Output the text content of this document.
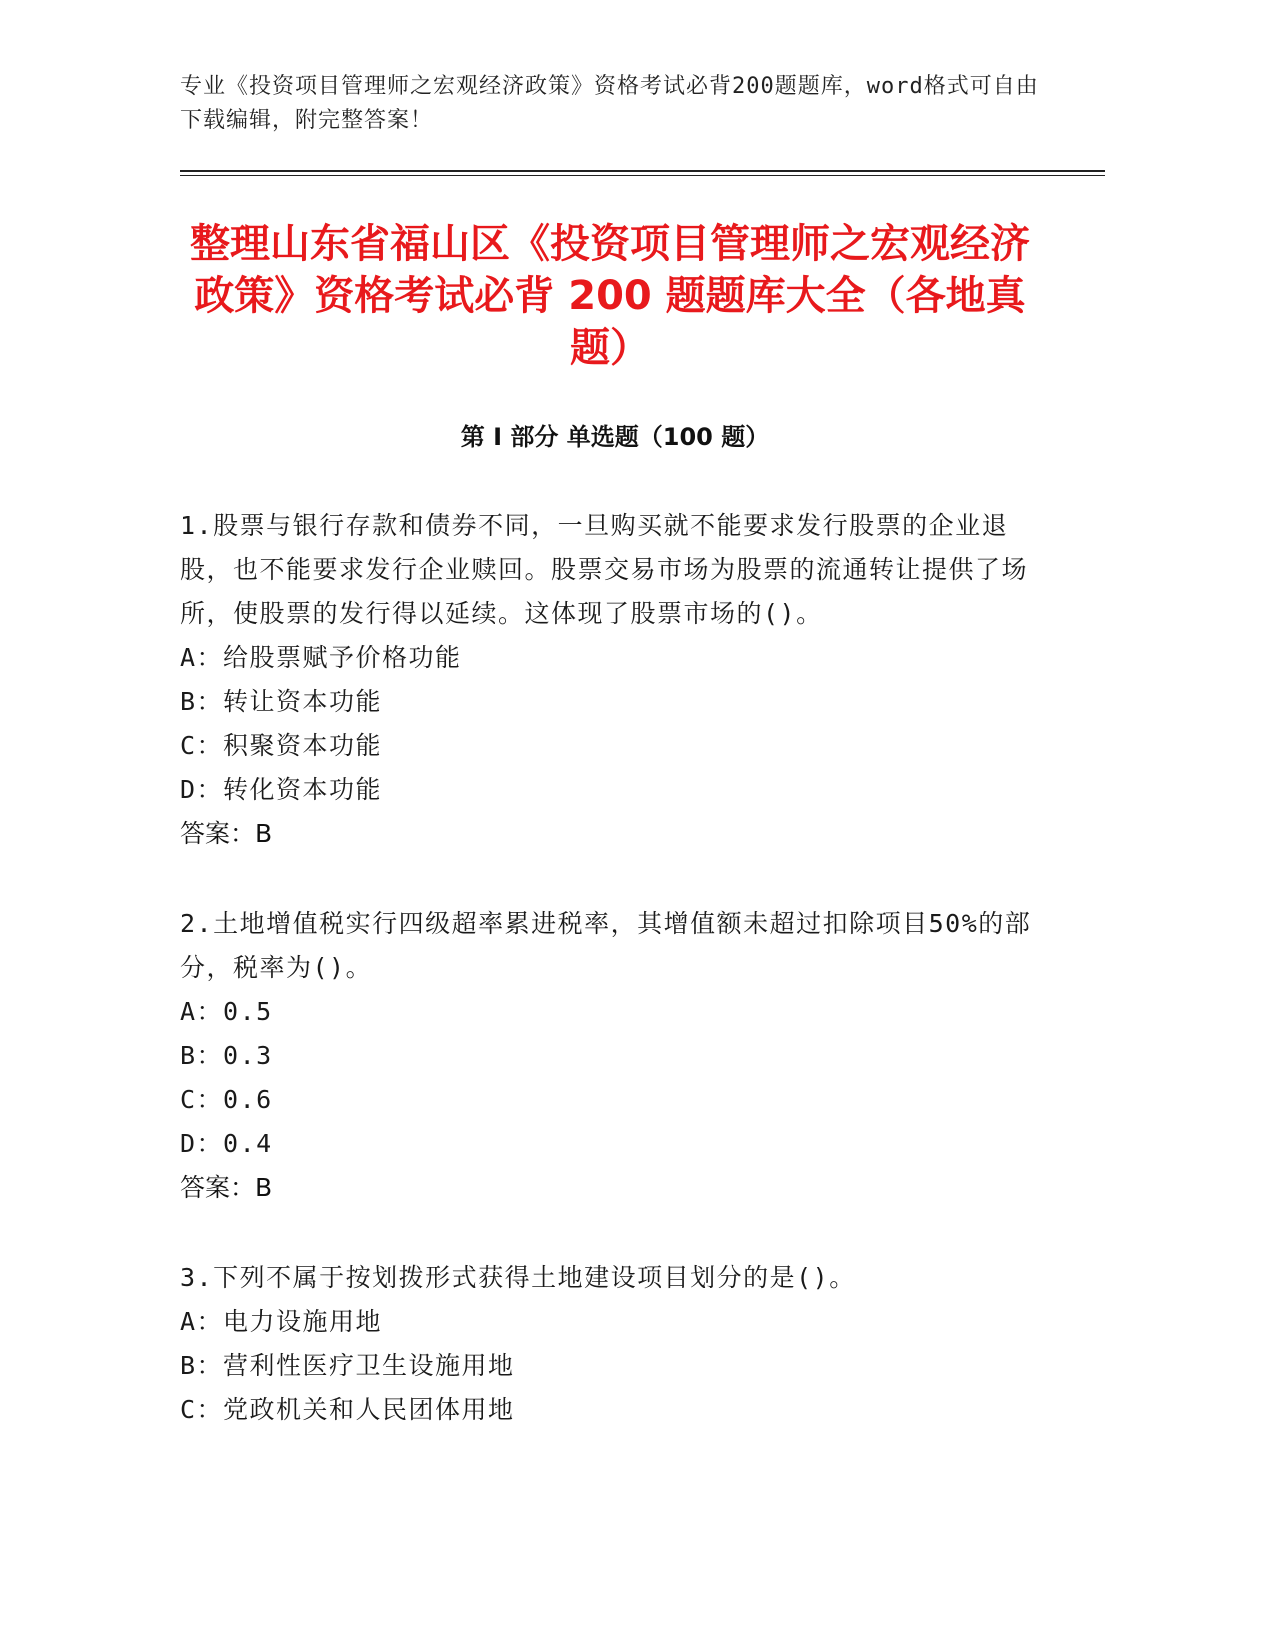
专业《投资项目管理师之宏观经济政策》资格考试必背200题题库，word格式可自由下载编辑，附完整答案！
整理山东省福山区《投资项目管理师之宏观经济政策》资格考试必背 200 题题库大全（各地真题）
第 I 部分 单选题（100 题）

1.股票与银行存款和债券不同，一旦购买就不能要求发行股票的企业退股，也不能要求发行企业赎回。股票交易市场为股票的流通转让提供了场所，使股票的发行得以延续。这体现了股票市场的()。

A：给股票赋予价格功能

B：转让资本功能

C：积聚资本功能

D：转化资本功能

答案：B

2.土地增值税实行四级超率累进税率，其增值额未超过扣除项目50%的部分，税率为()。

A：0.5

B：0.3

C：0.6

D：0.4

答案：B

3.下列不属于按划拨形式获得土地建设项目划分的是()。

A：电力设施用地

B：营利性医疗卫生设施用地

C：党政机关和人民团体用地
